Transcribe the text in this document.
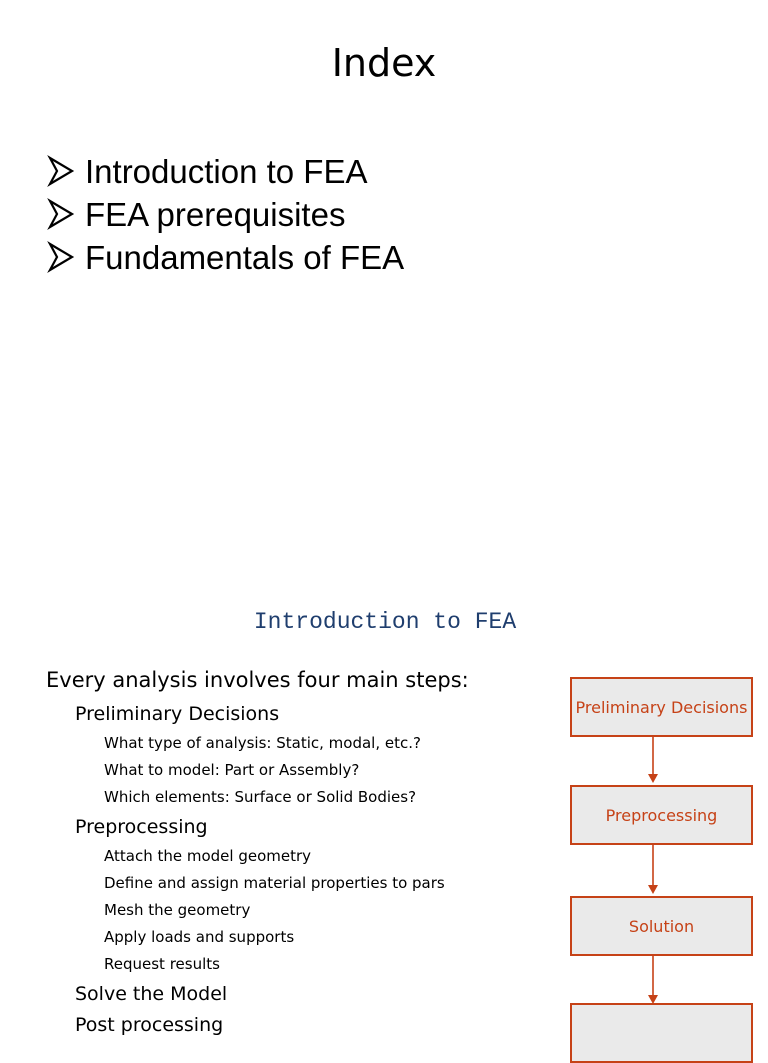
Index
Introduction to FEA
FEA prerequisites
Fundamentals of FEA
Introduction to FEA
Every analysis involves four main steps:
Preliminary Decisions
What type of analysis: Static, modal, etc.?
What to model: Part or Assembly?
Which elements: Surface or Solid Bodies?
Preprocessing
Attach the model geometry
Define and assign material properties to pars
Mesh the geometry
Apply loads and supports
Request results
Solve the Model
Post processing
Preliminary Decisions
Preprocessing
Solution
